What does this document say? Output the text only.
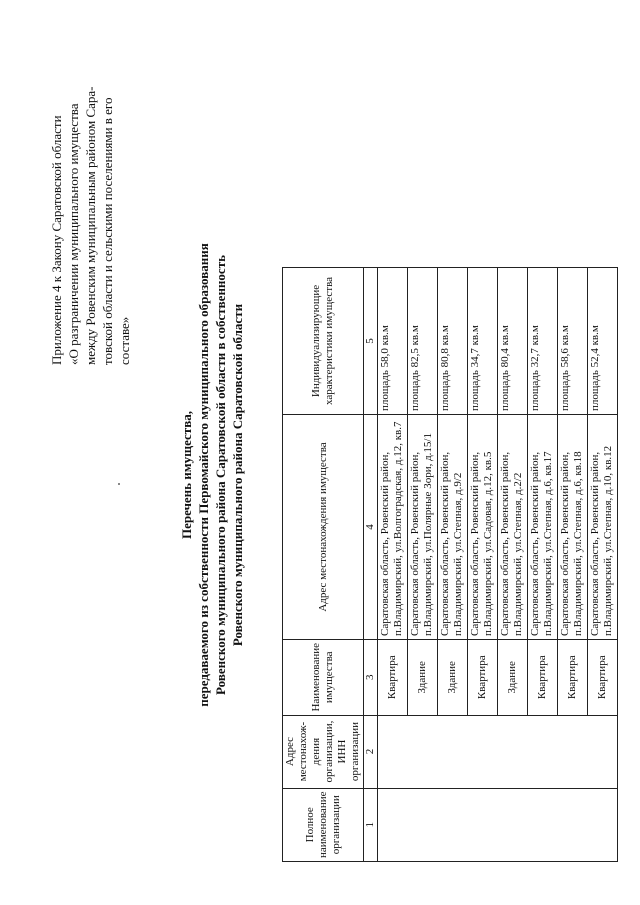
Приложение 4 к Закону Саратовской области «О разграничении муниципального имущества между Ровенским муниципальным районом Сара- товской области и сельскими поселениями в его составе»
Перечень имущества, передаваемого из собственности Первомайского муниципального образования Ровенского муниципального района Саратовской области в собственность Ровенского муниципального района Саратовской области
Полное наименование организации	Адрес местонахож-дения организации, ИНН организации	Наименование имущества	Адрес местонахождения имущества	Индивидуализирующие характеристики имущества
1	2	3	4	5
		Квартира	Саратовская область, Ровенский район, п.Владимирский, ул.Волгоградская, д.12, кв.7	площадь 58,0 кв.м
		Здание	Саратовская область, Ровенский район, п.Владимирский, ул.Полярные Зори, д.15/1	площадь 82,5 кв.м
		Здание	Саратовская область, Ровенский район, п.Владимирский, ул.Степная, д.9/2	площадь 80,8 кв.м
		Квартира	Саратовская область, Ровенский район, п.Владимирский, ул.Садовая, д.12, кв.5	площадь 34,7 кв.м
		Здание	Саратовская область, Ровенский район, п.Владимирский, ул.Степная, д.2/2	площадь 80,4 кв.м
		Квартира	Саратовская область, Ровенский район, п.Владимирский, ул.Степная, д.6, кв.17	площадь 32,7 кв.м
		Квартира	Саратовская область, Ровенский район, п.Владимирский, ул.Степная, д.6, кв.18	площадь 58,6 кв.м
		Квартира	Саратовская область, Ровенский район, п.Владимирский, ул.Степная, д.10, кв.12	площадь 52,4 кв.м
